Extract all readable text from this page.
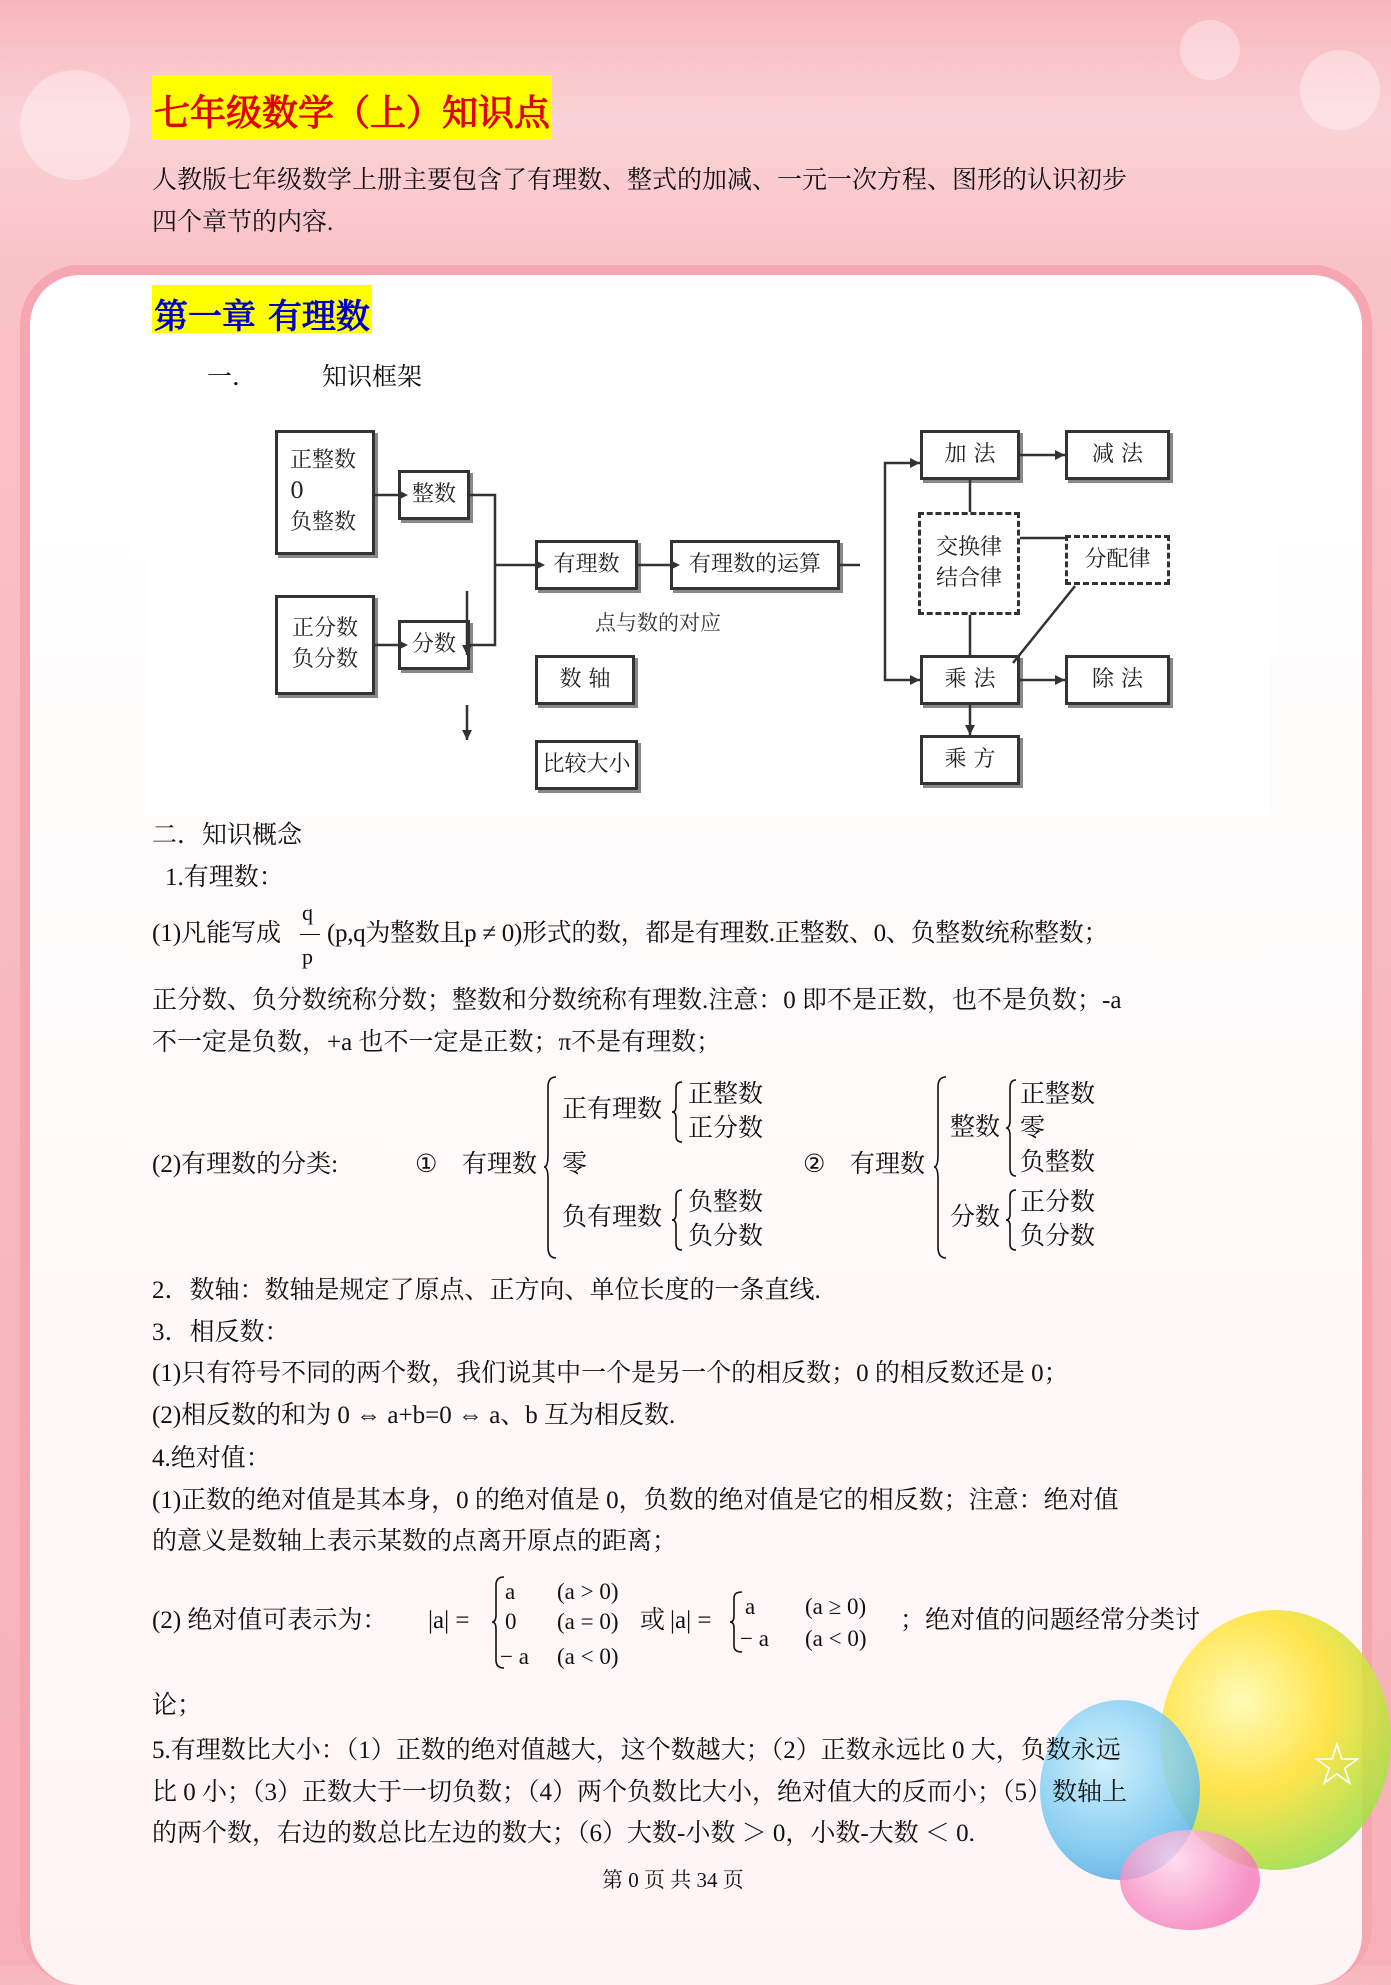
☆
七年级数学（上）知识点
人教版七年级数学上册主要包含了有理数、整式的加减、一元一次方程、图形的认识初步
四个章节的内容.
第一章 有理数
一．	知识框架
正整数
0
负整数
整数
正分数
负分数
分数
有理数	有理数的运算
点与数的对应
数 轴
比较大小
加 法	减 法
交换律
结合律
分配律
乘 法	除 法
乘 方
二．知识概念
1.有理数：
(1)凡能写成
q
p
(p,q为整数且p ≠ 0)形式的数，都是有理数.正整数、0、负整数统称整数；
正分数、负分数统称分数；整数和分数统称有理数.注意：0 即不是正数，也不是负数；-a
不一定是负数，+a 也不一定是正数；π不是有理数；
(2)有理数的分类:	① 有理数
正有理数
零
负有理数
正整数
正分数
负整数
负分数
② 有理数
整数
分数
正整数
零
负整数
正分数
负分数
2．数轴：数轴是规定了原点、正方向、单位长度的一条直线.
3．相反数：
(1)只有符号不同的两个数，我们说其中一个是另一个的相反数；0 的相反数还是 0；
(2)相反数的和为 0 ⇔ a+b=0 ⇔ a、b 互为相反数.
4.绝对值：
(1)正数的绝对值是其本身，0 的绝对值是 0，负数的绝对值是它的相反数；注意：绝对值
的意义是数轴上表示某数的点离开原点的距离；
(2) 绝对值可表示为： |a| =
a (a > 0)
0 (a = 0)
− a (a < 0)
或 |a| =
a (a ≥ 0)
− a (a < 0)
；绝对值的问题经常分类讨
论；
5.有理数比大小：（1）正数的绝对值越大，这个数越大；（2）正数永远比 0 大，负数永远
比 0 小；（3）正数大于一切负数；（4）两个负数比大小，绝对值大的反而小；（5）数轴上
的两个数，右边的数总比左边的数大；（6）大数-小数 ＞ 0，小数-大数 ＜ 0.
第 0 页 共 34 页
